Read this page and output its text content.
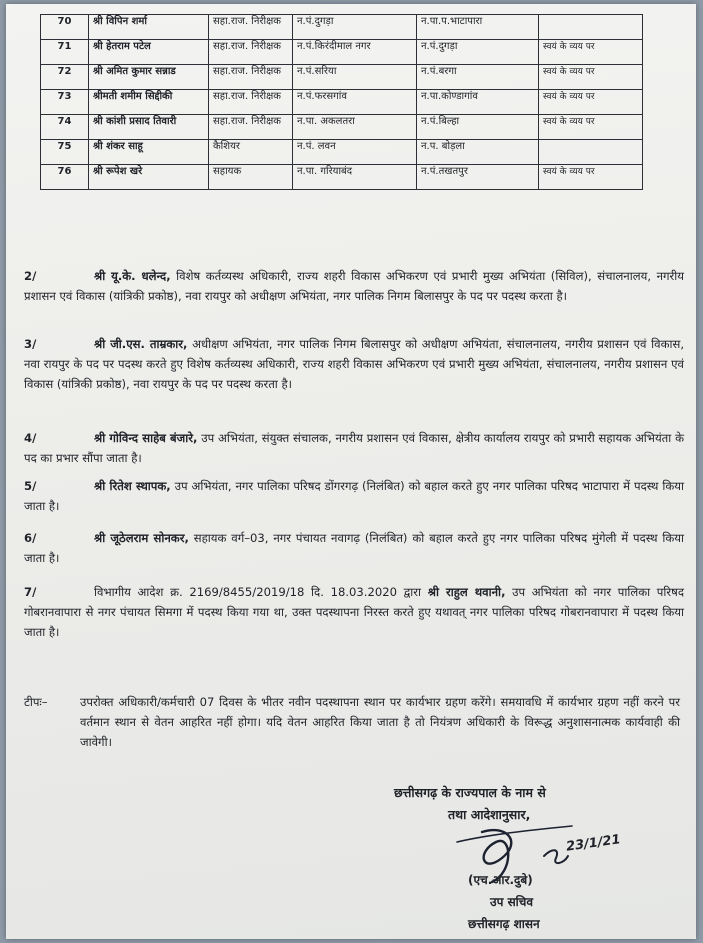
70	श्री विपिन शर्मा	सहा.राज. निरीक्षक	न.पं.दुगड़ा	न.पा.प.भाटापारा	
71	श्री हेतराम पटेल	सहा.राज. निरीक्षक	न.पं.किरंदीमाल नगर	न.पं.दुगड़ा	स्वयं के व्यय पर
72	श्री अमित कुमार सन्नाड	सहा.राज. निरीक्षक	न.पं.सरिया	न.पं.बरगा	स्वयं के व्यय पर
73	श्रीमती शमीम सिद्दीकी	सहा.राज. निरीक्षक	न.पं.फरसगांव	न.पा.कोण्डागांव	स्वयं के व्यय पर
74	श्री कांशी प्रसाद तिवारी	सहा.राज. निरीक्षक	न.पा. अकलतरा	न.पं.बिल्हा	स्वयं के व्यय पर
75	श्री शंकर साहू	कैशियर	न.पं. लवन	न.प. बोड़ला	
76	श्री रूपेश खरे	सहायक	न.पा. गरियाबंद	न.पं.तखतपुर	स्वयं के व्यय पर
2/	श्री यू.के. धलेन्द, विशेष कर्तव्यस्थ अधिकारी, राज्य शहरी विकास अभिकरण एवं प्रभारी मुख्य अभियंता (सिविल), संचालनालय, नगरीय प्रशासन एवं विकास (यांत्रिकी प्रकोष्ठ), नवा रायपुर को अधीक्षण अभियंता, नगर पालिक निगम बिलासपुर के पद पर पदस्थ करता है।
3/	श्री जी.एस. ताम्रकार, अधीक्षण अभियंता, नगर पालिक निगम बिलासपुर को अधीक्षण अभियंता, संचालनालय, नगरीय प्रशासन एवं विकास, नवा रायपुर के पद पर पदस्थ करते हुए विशेष कर्तव्यस्थ अधिकारी, राज्य शहरी विकास अभिकरण एवं प्रभारी मुख्य अभियंता, संचालनालय, नगरीय प्रशासन एवं विकास (यांत्रिकी प्रकोष्ठ), नवा रायपुर के पद पर पदस्थ करता है।
4/	श्री गोविन्द साहेब बंजारे, उप अभियंता, संयुक्त संचालक, नगरीय प्रशासन एवं विकास, क्षेत्रीय कार्यालय रायपुर को प्रभारी सहायक अभियंता के पद का प्रभार सौंपा जाता है।
5/	श्री रितेश स्थापक, उप अभियंता, नगर पालिका परिषद डोंगरगढ़ (निलंबित) को बहाल करते हुए नगर पालिका परिषद भाटापारा में पदस्थ किया जाता है।
6/	श्री जूठेलराम सोनकर, सहायक वर्ग–03, नगर पंचायत नवागढ़ (निलंबित) को बहाल करते हुए नगर पालिका परिषद मुंगेली में पदस्थ किया जाता है।
7/	विभागीय आदेश क्र. 2169/8455/2019/18 दि. 18.03.2020 द्वारा श्री राहुल थवानी, उप अभियंता को नगर पालिका परिषद गोबरानवापारा से नगर पंचायत सिमगा में पदस्थ किया गया था, उक्त पदस्थापना निरस्त करते हुए यथावत् नगर पालिका परिषद गोबरानवापारा में पदस्थ किया जाता है।
टीपः–	उपरोक्त अधिकारी/कर्मचारी 07 दिवस के भीतर नवीन पदस्थापना स्थान पर कार्यभार ग्रहण करेंगे। समयावधि में कार्यभार ग्रहण नहीं करने पर वर्तमान स्थान से वेतन आहरित नहीं होगा। यदि वेतन आहरित किया जाता है तो नियंत्रण अधिकारी के विरूद्ध अनुशासनात्मक कार्यवाही की जावेगी।
छत्तीसगढ़ के राज्यपाल के नाम से
तथा आदेशानुसार,
23/1/21
(एच.आर.दुबे)
उप सचिव
छत्तीसगढ़ शासन
